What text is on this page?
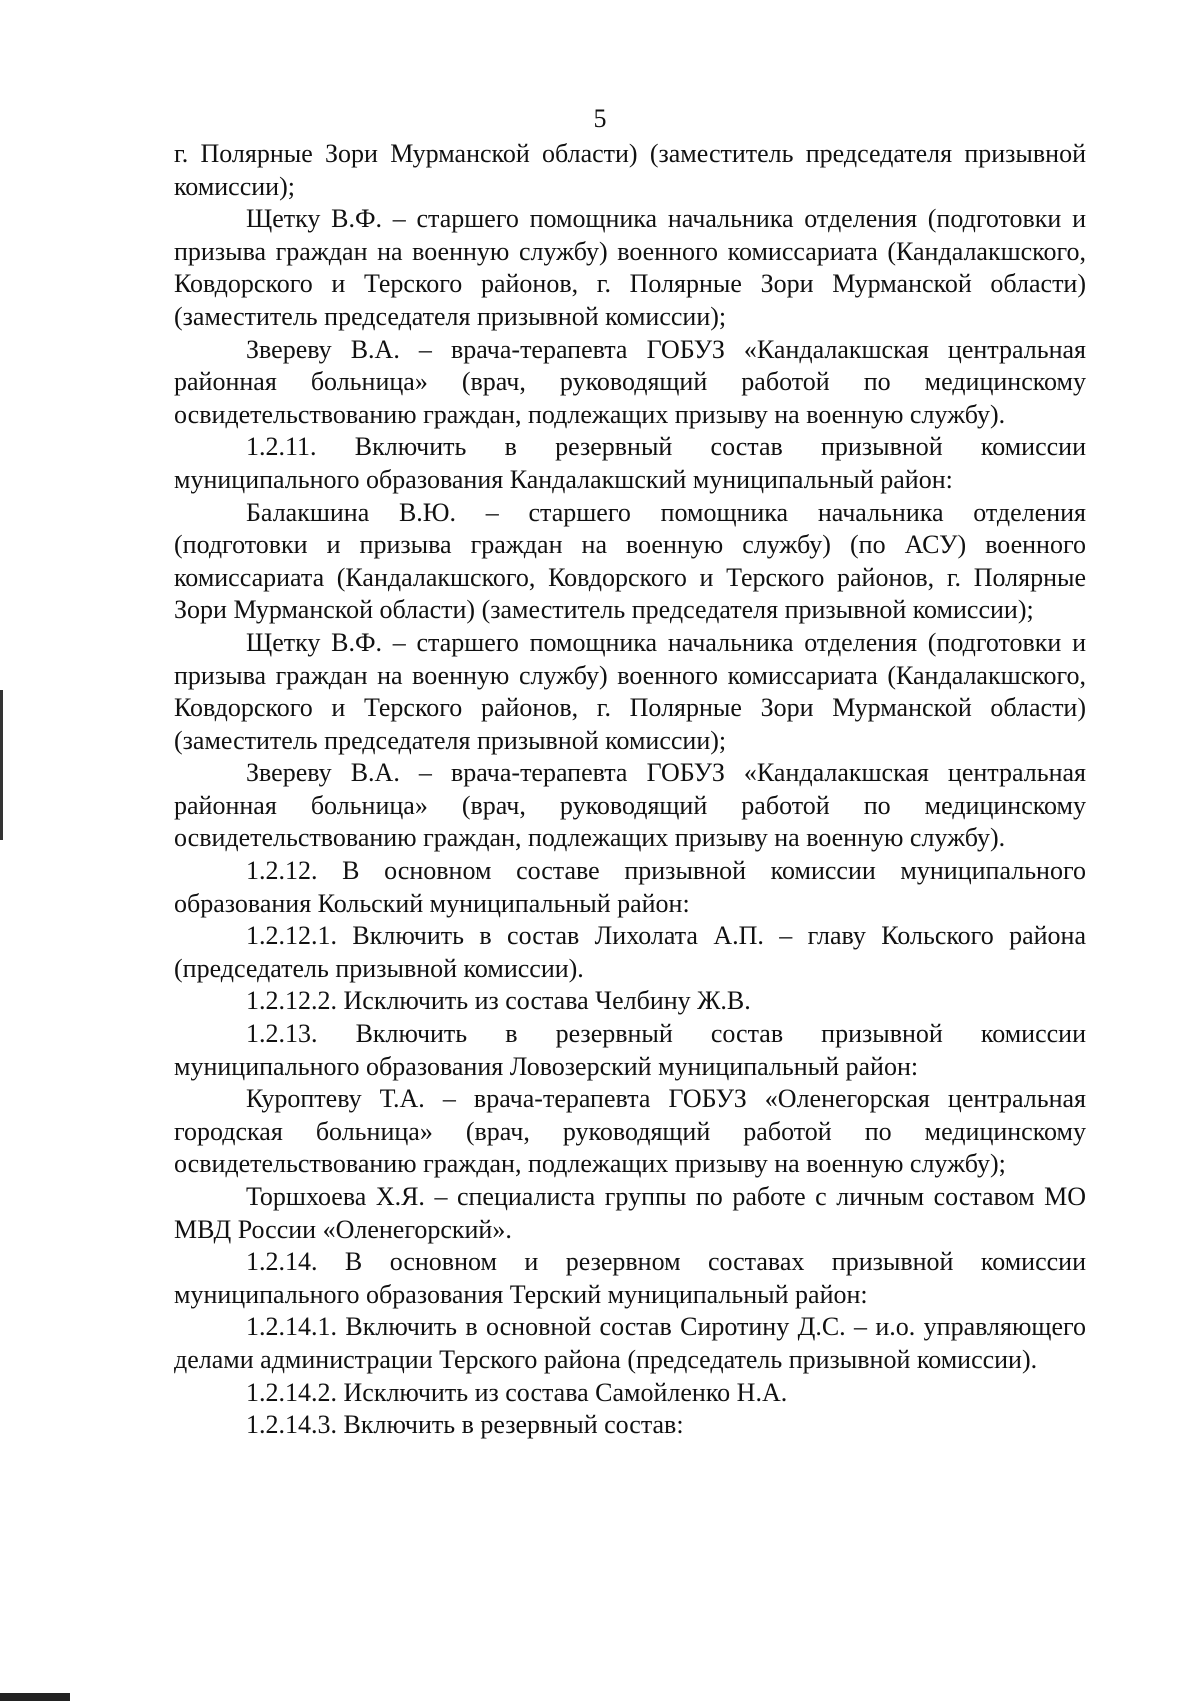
5

г. Полярные Зори Мурманской области) (заместитель председателя призывной комиссии);

Щетку В.Ф. – старшего помощника начальника отделения (подготовки и призыва граждан на военную службу) военного комиссариата (Кандалакшского, Ковдорского и Терского районов, г. Полярные Зори Мурманской области) (заместитель председателя призывной комиссии);

Звереву В.А. – врача-терапевта ГОБУЗ «Кандалакшская центральная районная больница» (врач, руководящий работой по медицинскому освидетельствованию граждан, подлежащих призыву на военную службу).

1.2.11. Включить в резервный состав призывной комиссии муниципального образования Кандалакшский муниципальный район:

Балакшина В.Ю. – старшего помощника начальника отделения (подготовки и призыва граждан на военную службу) (по АСУ) военного комиссариата (Кандалакшского, Ковдорского и Терского районов, г. Полярные Зори Мурманской области) (заместитель председателя призывной комиссии);

Щетку В.Ф. – старшего помощника начальника отделения (подготовки и призыва граждан на военную службу) военного комиссариата (Кандалакшского, Ковдорского и Терского районов, г. Полярные Зори Мурманской области) (заместитель председателя призывной комиссии);

Звереву В.А. – врача-терапевта ГОБУЗ «Кандалакшская центральная районная больница» (врач, руководящий работой по медицинскому освидетельствованию граждан, подлежащих призыву на военную службу).

1.2.12. В основном составе призывной комиссии муниципального образования Кольский муниципальный район:

1.2.12.1. Включить в состав Лихолата А.П. – главу Кольского района (председатель призывной комиссии).

1.2.12.2. Исключить из состава Челбину Ж.В.

1.2.13. Включить в резервный состав призывной комиссии муниципального образования Ловозерский муниципальный район:

Куроптеву Т.А. – врача-терапевта ГОБУЗ «Оленегорская центральная городская больница» (врач, руководящий работой по медицинскому освидетельствованию граждан, подлежащих призыву на военную службу);

Торшхоева Х.Я. – специалиста группы по работе с личным составом МО МВД России «Оленегорский».

1.2.14. В основном и резервном составах призывной комиссии муниципального образования Терский муниципальный район:

1.2.14.1. Включить в основной состав Сиротину Д.С. – и.о. управляющего делами администрации Терского района (председатель призывной комиссии).

1.2.14.2. Исключить из состава Самойленко Н.А.

1.2.14.3. Включить в резервный состав:
